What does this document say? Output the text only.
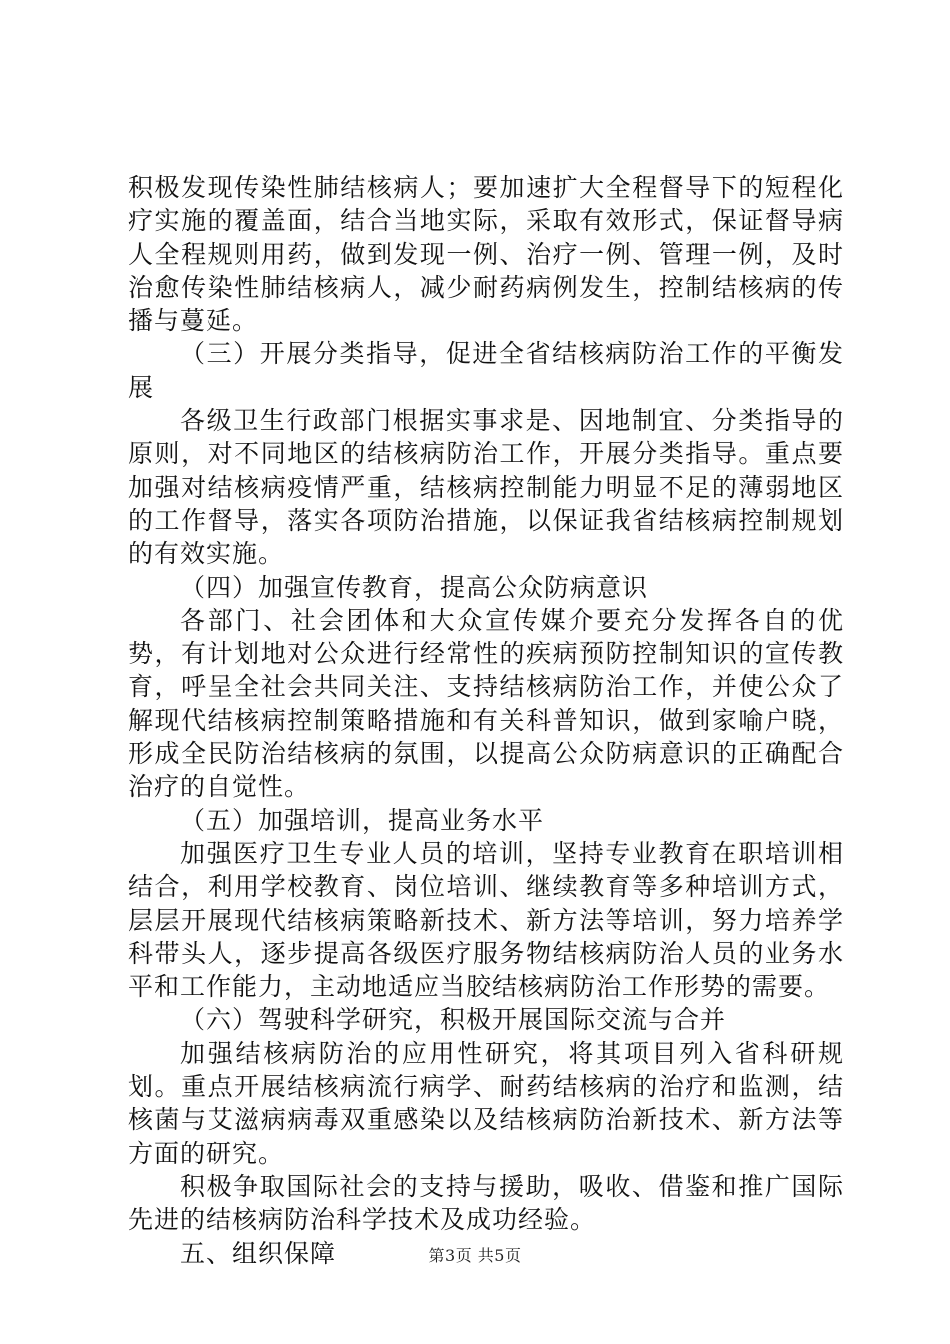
积极发现传染性肺结核病人；要加速扩大全程督导下的短程化疗实施的覆盖面，结合当地实际，采取有效形式，保证督导病人全程规则用药，做到发现一例、治疗一例、管理一例，及时治愈传染性肺结核病人，减少耐药病例发生，控制结核病的传播与蔓延。

（三）开展分类指导，促进全省结核病防治工作的平衡发展

各级卫生行政部门根据实事求是、因地制宜、分类指导的原则，对不同地区的结核病防治工作，开展分类指导。重点要加强对结核病疫情严重，结核病控制能力明显不足的薄弱地区的工作督导，落实各项防治措施，以保证我省结核病控制规划的有效实施。

（四）加强宣传教育，提高公众防病意识

各部门、社会团体和大众宣传媒介要充分发挥各自的优势，有计划地对公众进行经常性的疾病预防控制知识的宣传教育，呼呈全社会共同关注、支持结核病防治工作，并使公众了解现代结核病控制策略措施和有关科普知识，做到家喻户晓，形成全民防治结核病的氛围，以提高公众防病意识的正确配合治疗的自觉性。

（五）加强培训，提高业务水平

加强医疗卫生专业人员的培训，坚持专业教育在职培训相结合，利用学校教育、岗位培训、继续教育等多种培训方式，层层开展现代结核病策略新技术、新方法等培训，努力培养学科带头人，逐步提高各级医疗服务物结核病防治人员的业务水平和工作能力，主动地适应当胶结核病防治工作形势的需要。

（六）驾驶科学研究，积极开展国际交流与合并

加强结核病防治的应用性研究，将其项目列入省科研规划。重点开展结核病流行病学、耐药结核病的治疗和监测，结核菌与艾滋病病毒双重感染以及结核病防治新技术、新方法等方面的研究。

积极争取国际社会的支持与援助，吸收、借鉴和推广国际先进的结核病防治科学技术及成功经验。

五、组织保障	第3页 共5页
